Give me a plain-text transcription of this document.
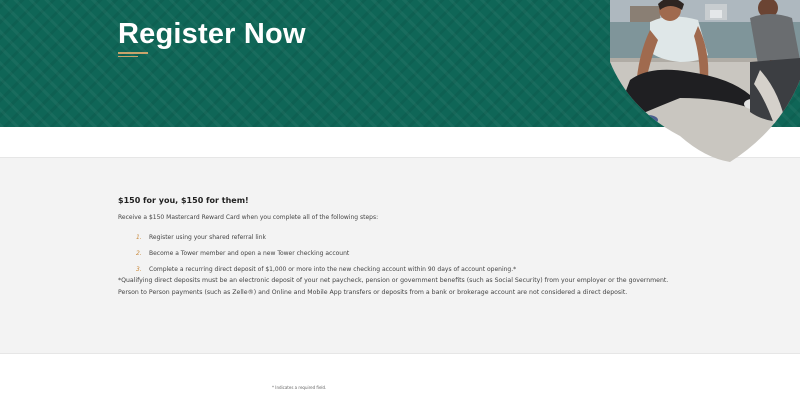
Register Now
$150 for you, $150 for them!

Receive a $150 Mastercard Reward Card when you complete all of the following steps:

1.	Register using your shared referral link
2.	Become a Tower member and open a new Tower checking account
3.	Complete a recurring direct deposit of $1,000 or more into the new checking account within 90 days of account opening.*

*Qualifying direct deposits must be an electronic deposit of your net paycheck, pension or government benefits (such as Social Security) from your employer or the government. Person to Person payments (such as Zelle®) and Online and Mobile App transfers or deposits from a bank or brokerage account are not considered a direct deposit.

* Indicates a required field.
